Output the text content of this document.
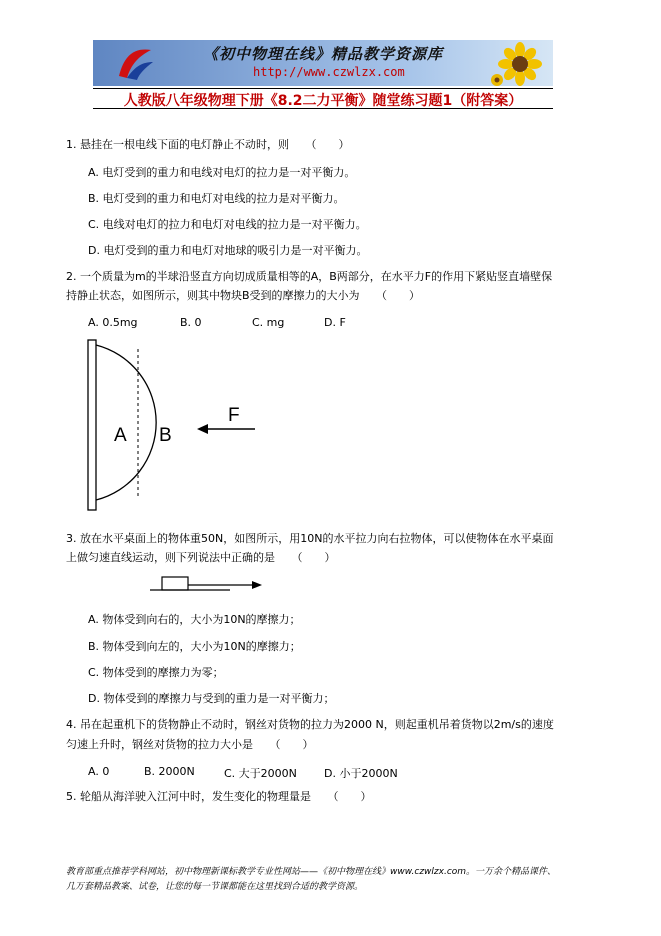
《初中物理在线》精品教学资源库
http://www.czwlzx.com
人教版八年级物理下册《8.2二力平衡》随堂练习题1（附答案）
1. 悬挂在一根电线下面的电灯静止不动时，则　　（　　）
A. 电灯受到的重力和电线对电灯的拉力是一对平衡力。
B. 电灯受到的重力和电灯对电线的拉力是对平衡力。
C. 电线对电灯的拉力和电灯对电线的拉力是一对平衡力。
D. 电灯受到的重力和电灯对地球的吸引力是一对平衡力。
2. 一个质量为m的半球沿竖直方向切成质量相等的A，B两部分，在水平力F的作用下紧贴竖直墙壁保
持静止状态，如图所示，则其中物块B受到的摩擦力的大小为　　（　　）
A. 0.5mg	B. 0	C. mg	D. F
A B
F
3. 放在水平桌面上的物体重50N，如图所示，用10N的水平拉力向右拉物体，可以使物体在水平桌面
上做匀速直线运动，则下列说法中正确的是　　（　　）
A. 物体受到向右的，大小为10N的摩擦力；
B. 物体受到向左的，大小为10N的摩擦力；
C. 物体受到的摩擦力为零；
D. 物体受到的摩擦力与受到的重力是一对平衡力；
4. 吊在起重机下的货物静止不动时，钢丝对货物的拉力为2000 N，则起重机吊着货物以2m/s的速度
匀速上升时，钢丝对货物的拉力大小是　　（　　）
A. 0	B. 2000N	C. 大于2000N D. 小于2000N
5. 轮船从海洋驶入江河中时，发生变化的物理量是　　（　　）
教育部重点推荐学科网站，初中物理新课标教学专业性网站——《初中物理在线》www.czwlzx.com。一万余个精品课件、
几万套精品教案、试卷，让您的每一节课都能在这里找到合适的教学资源。
